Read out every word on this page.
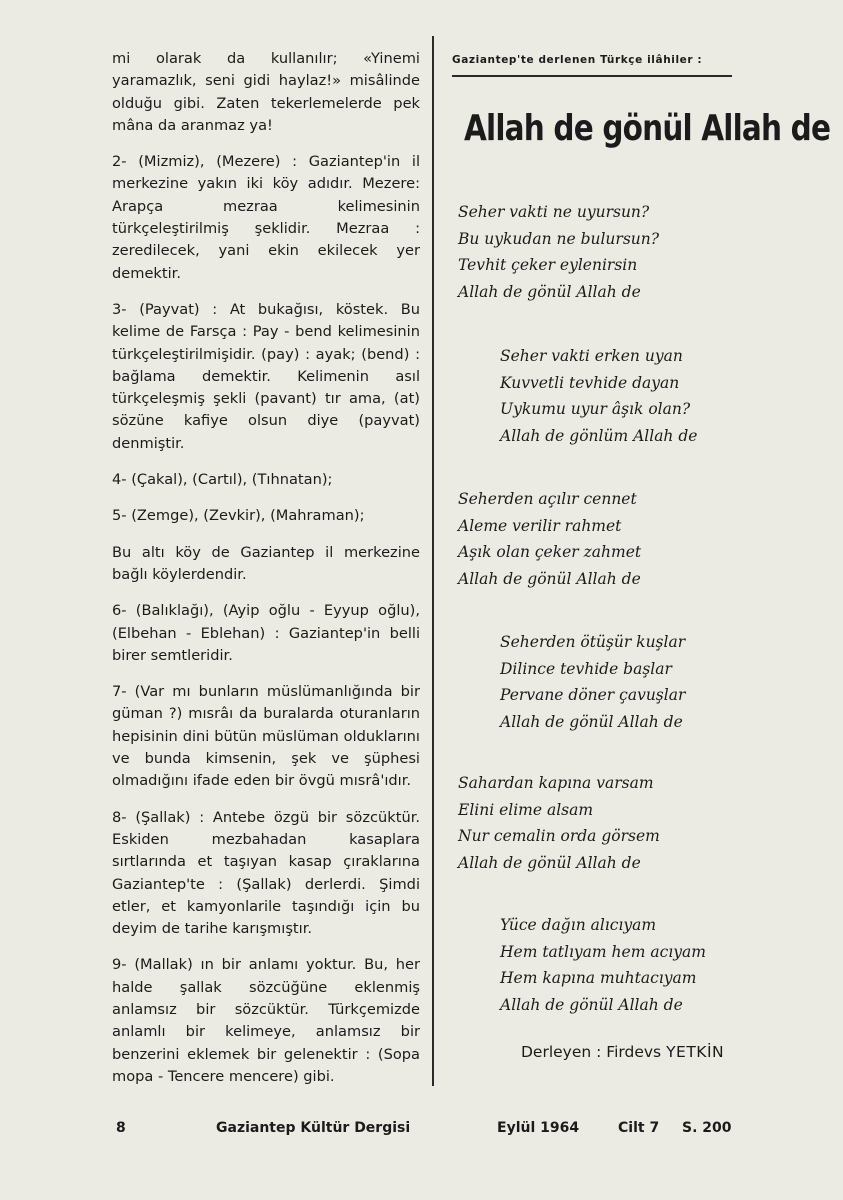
mi olarak da kullanılır; «Yinemi yaramazlık, seni gidi haylaz!» misâlinde olduğu gibi. Zaten tekerlemelerde pek mâna da aranmaz ya!

2- (Mizmiz), (Mezere) : Gaziantep'in il merkezine yakın iki köy adıdır. Mezere: Arapça mezraa kelimesinin türkçeleştirilmiş şeklidir. Mezraa : zeredilecek, yani ekin ekilecek yer demektir.

3- (Payvat) : At bukağısı, köstek. Bu kelime de Farsça : Pay - bend kelimesinin türkçeleştirilmişidir. (pay) : ayak; (bend) : bağlama demektir. Kelimenin asıl türkçeleşmiş şekli (pavant) tır ama, (at) sözüne kafiye olsun diye (payvat) denmiştir.

4- (Çakal), (Cartıl), (Tıhnatan);

5- (Zemge), (Zevkir), (Mahraman);

Bu altı köy de Gaziantep il merkezine bağlı köylerdendir.

6- (Balıklağı), (Ayip oğlu - Eyyup oğlu), (Elbehan - Eblehan) : Gaziantep'in belli birer semtleridir.

7- (Var mı bunların müslümanlığında bir güman ?) mısrâı da buralarda oturanların hepisinin dini bütün müslüman olduklarını ve bunda kimsenin, şek ve şüphesi olmadığını ifade eden bir övgü mısrâ'ıdır.

8- (Şallak) : Antebe özgü bir sözcüktür. Eskiden mezbahadan kasaplara sırtlarında et taşıyan kasap çıraklarına Gaziantep'te : (Şallak) derlerdi. Şimdi etler, et kamyonlarile taşındığı için bu deyim de tarihe karışmıştır.

9- (Mallak) ın bir anlamı yoktur. Bu, her halde şallak sözcüğüne eklenmiş anlamsız bir sözcüktür. Türkçemizde anlamlı bir kelimeye, anlamsız bir benzerini eklemek bir gelenektir : (Sopa mopa - Tencere mencere) gibi.

Gaziantep'te derlenen Türkçe ilâhiler :
Allah de gönül Allah de
Seher vakti ne uyursun?
Bu uykudan ne bulursun?
Tevhit çeker eylenirsin
Allah de gönül Allah de
Seher vakti erken uyan
Kuvvetli tevhide dayan
Uykumu uyur âşık olan?
Allah de gönlüm Allah de
Seherden açılır cennet
Aleme verilir rahmet
Aşık olan çeker zahmet
Allah de gönül Allah de
Seherden ötüşür kuşlar
Dilince tevhide başlar
Pervane döner çavuşlar
Allah de gönül Allah de
Sahardan kapına varsam
Elini elime alsam
Nur cemalin orda görsem
Allah de gönül Allah de
Yüce dağın alıcıyam
Hem tatlıyam hem acıyam
Hem kapına muhtacıyam
Allah de gönül Allah de
Derleyen : Firdevs YETKİN
8	Gaziantep Kültür Dergisi	Eylül 1964	Cilt 7 S. 200
